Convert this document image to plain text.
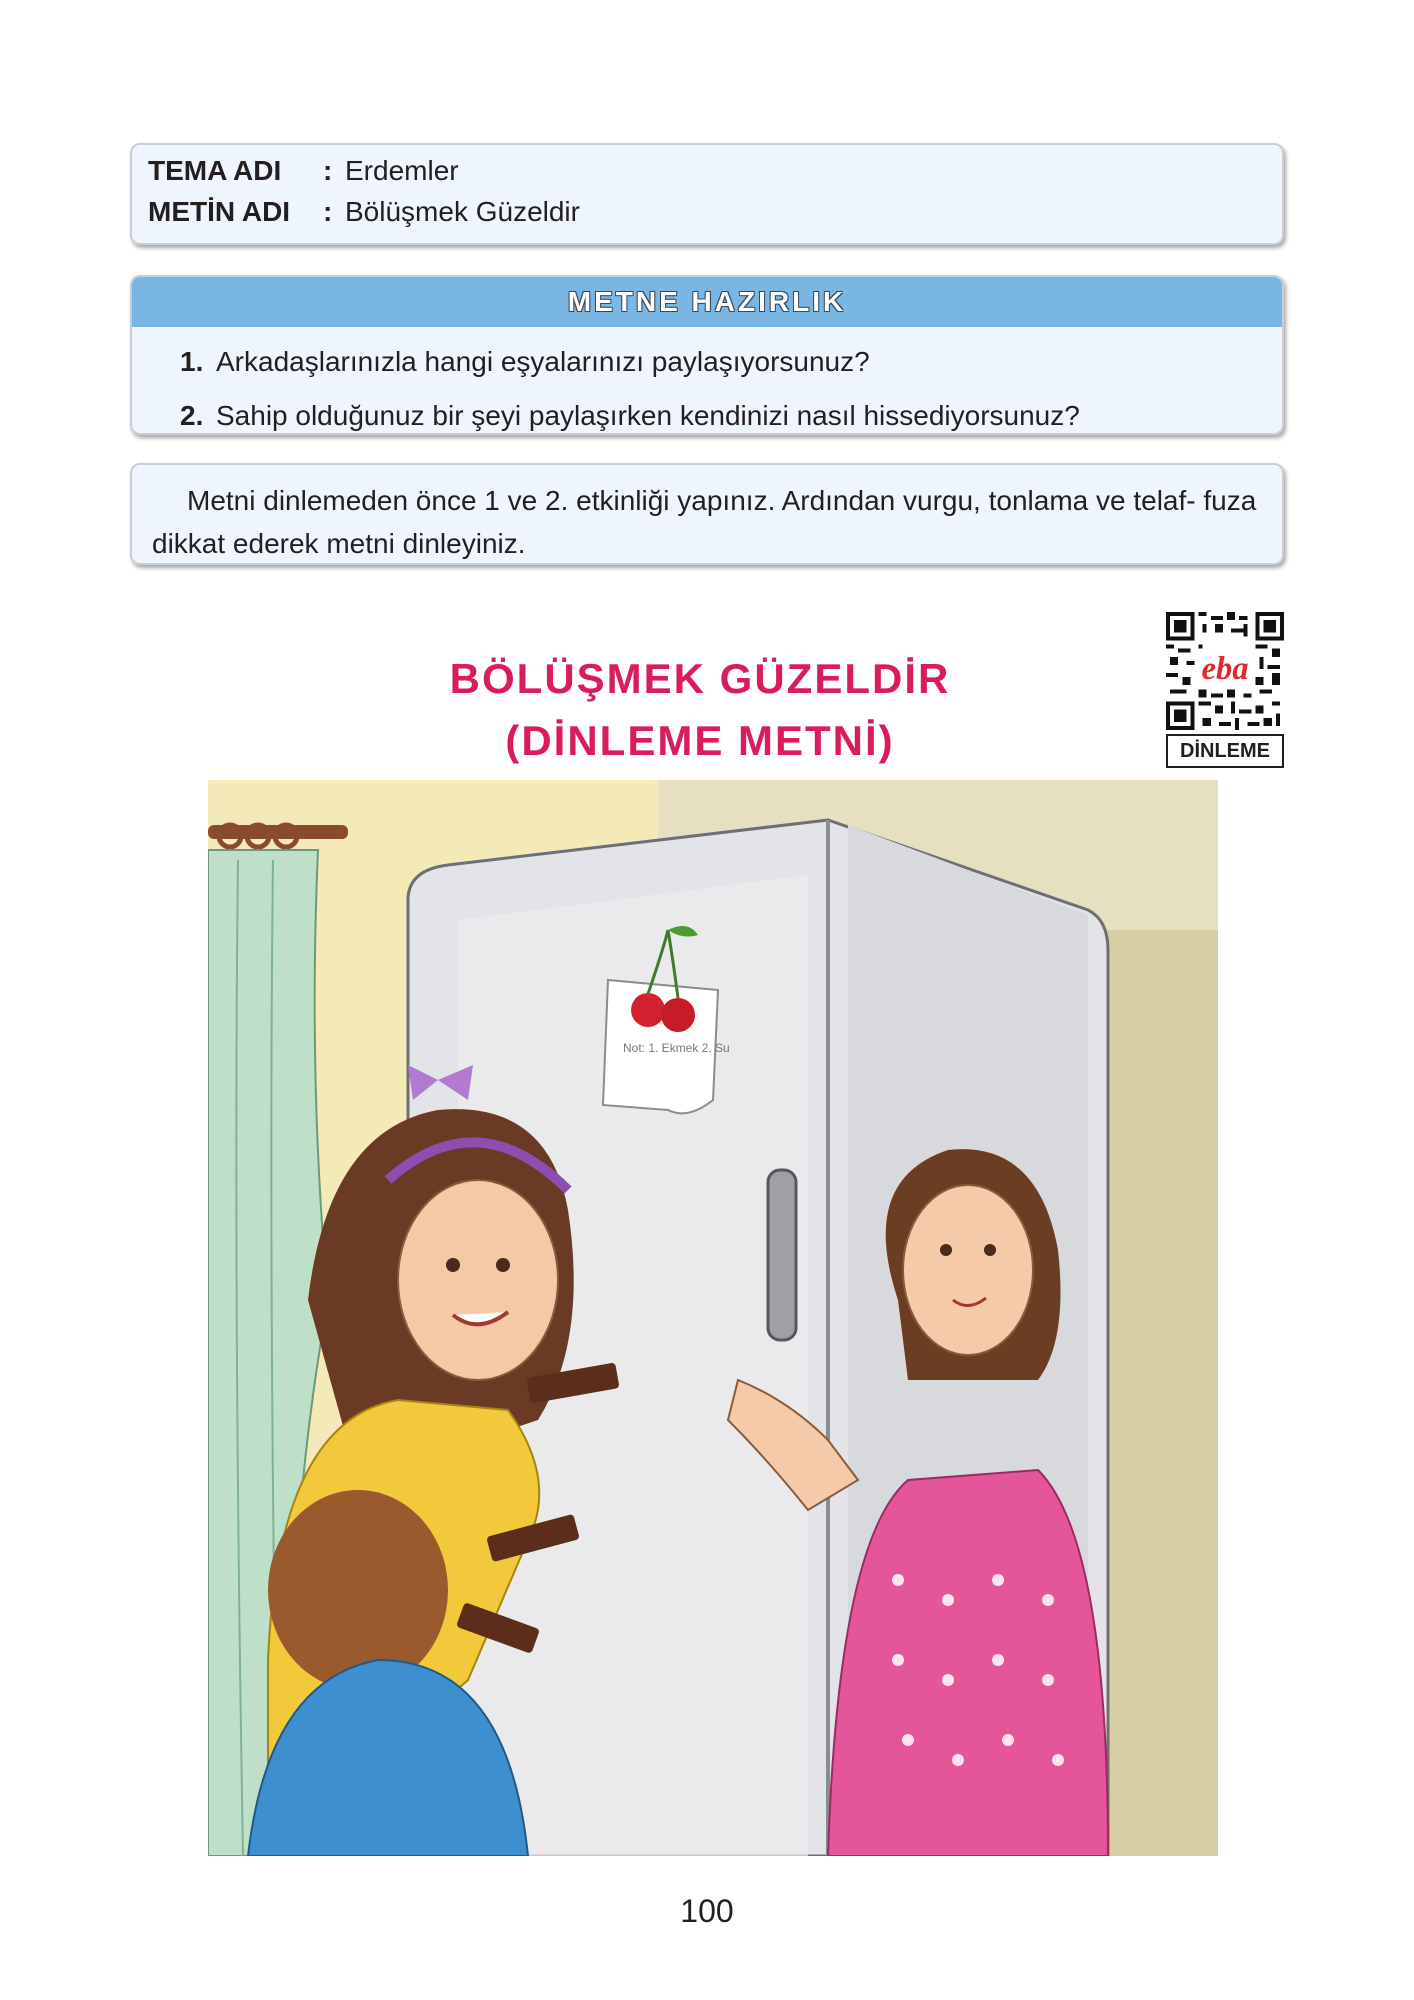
TEMA ADI	: Erdemler
METİN ADI	: Bölüşmek Güzeldir
METNE HAZIRLIK
1. Arkadaşlarınızla hangi eşyalarınızı paylaşıyorsunuz?
2. Sahip olduğunuz bir şeyi paylaşırken kendinizi nasıl hissediyorsunuz?

Metni dinlemeden önce 1 ve 2. etkinliği yapınız. Ardından vurgu, tonlama ve telaf- fuza dikkat ederek metni dinleyiniz.

BÖLÜŞMEK GÜZELDİR
(DİNLEME METNİ)
eba
DİNLEME
Not: 1. Ekmek 2. Su
100
